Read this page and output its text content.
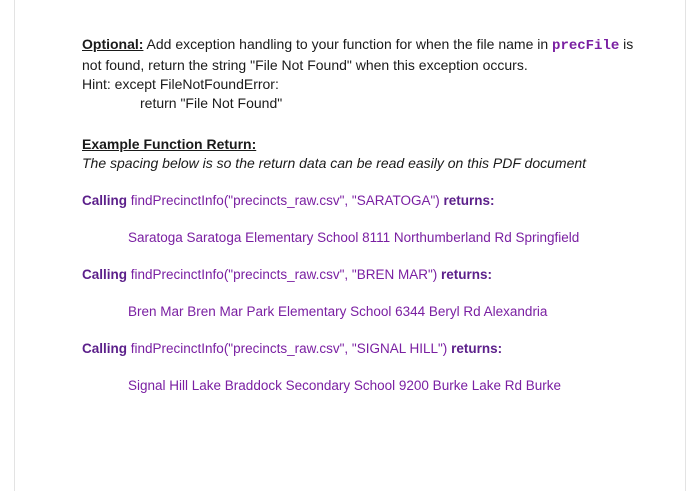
Optional: Add exception handling to your function for when the file name in precFile is

not found, return the string "File Not Found" when this exception occurs.

Hint: except FileNotFoundError:

return "File Not Found"

Example Function Return:

The spacing below is so the return data can be read easily on this PDF document

Calling findPrecinctInfo("precincts_raw.csv", "SARATOGA") returns:

Saratoga Saratoga Elementary School 8111 Northumberland Rd Springfield

Calling findPrecinctInfo("precincts_raw.csv", "BREN MAR") returns:

Bren Mar Bren Mar Park Elementary School 6344 Beryl Rd Alexandria

Calling findPrecinctInfo("precincts_raw.csv", "SIGNAL HILL") returns:

Signal Hill Lake Braddock Secondary School 9200 Burke Lake Rd Burke
